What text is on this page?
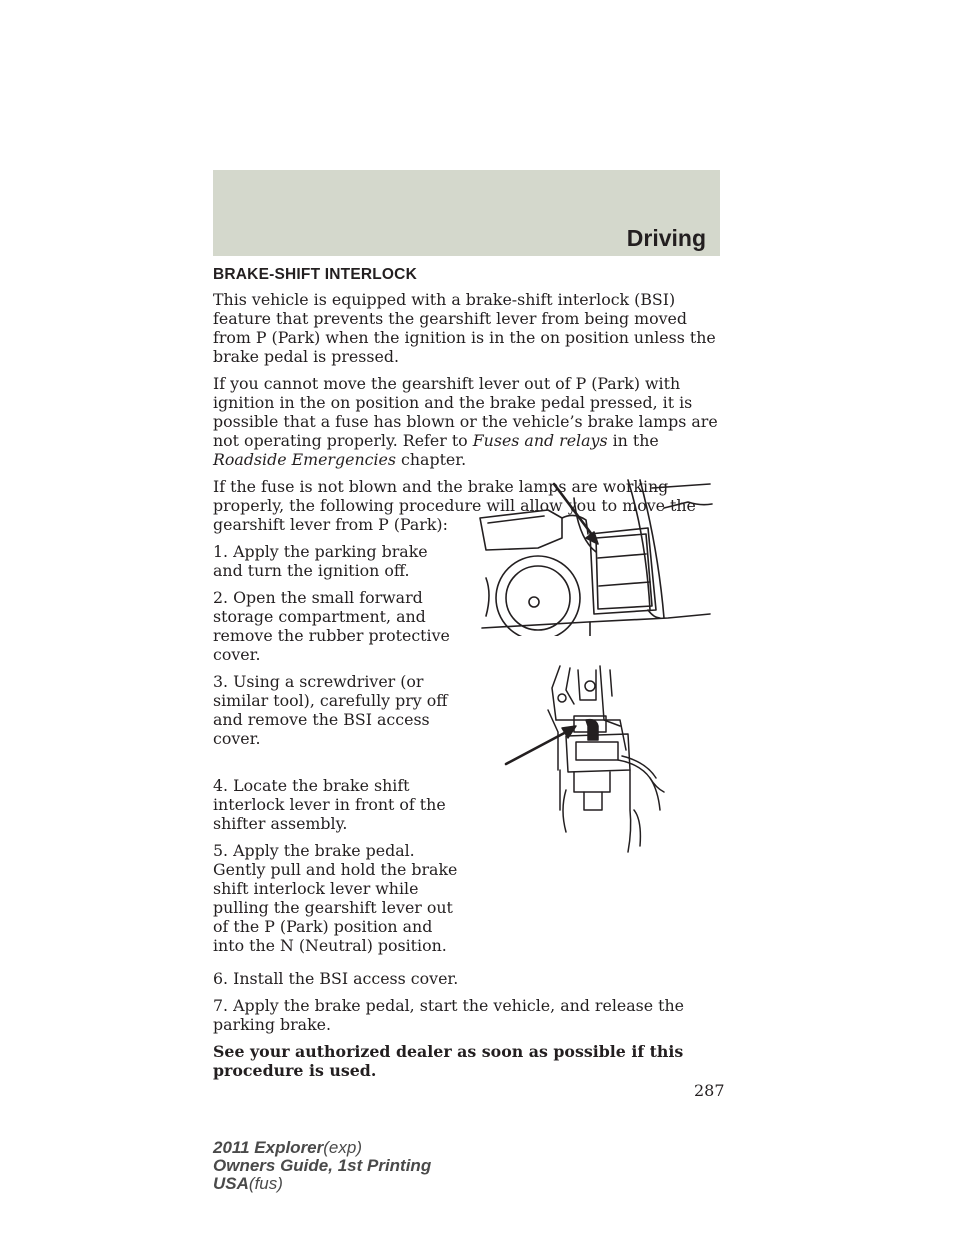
Driving
BRAKE-SHIFT INTERLOCK

This vehicle is equipped with a brake-shift interlock (BSI) feature that prevents the gearshift lever from being moved from P (Park) when the ignition is in the on position unless the brake pedal is pressed.

If you cannot move the gearshift lever out of P (Park) with ignition in the on position and the brake pedal pressed, it is possible that a fuse has blown or the vehicle’s brake lamps are not operating properly. Refer to Fuses and relays in the Roadside Emergencies chapter.

If the fuse is not blown and the brake lamps are working properly, the following procedure will allow you to move the gearshift lever from P (Park):

1. Apply the parking brake and turn the ignition off.

2. Open the small forward storage compartment, and remove the rubber protective cover.

3. Using a screwdriver (or similar tool), carefully pry off and remove the BSI access cover.

4. Locate the brake shift interlock lever in front of the shifter assembly.

5. Apply the brake pedal. Gently pull and hold the brake shift interlock lever while pulling the gearshift lever out of the P (Park) position and into the N (Neutral) position.

6. Install the BSI access cover.

7. Apply the brake pedal, start the vehicle, and release the parking brake.

See your authorized dealer as soon as possible if this procedure is used.

287
2011 Explorer(exp)
Owners Guide, 1st Printing
USA(fus)
